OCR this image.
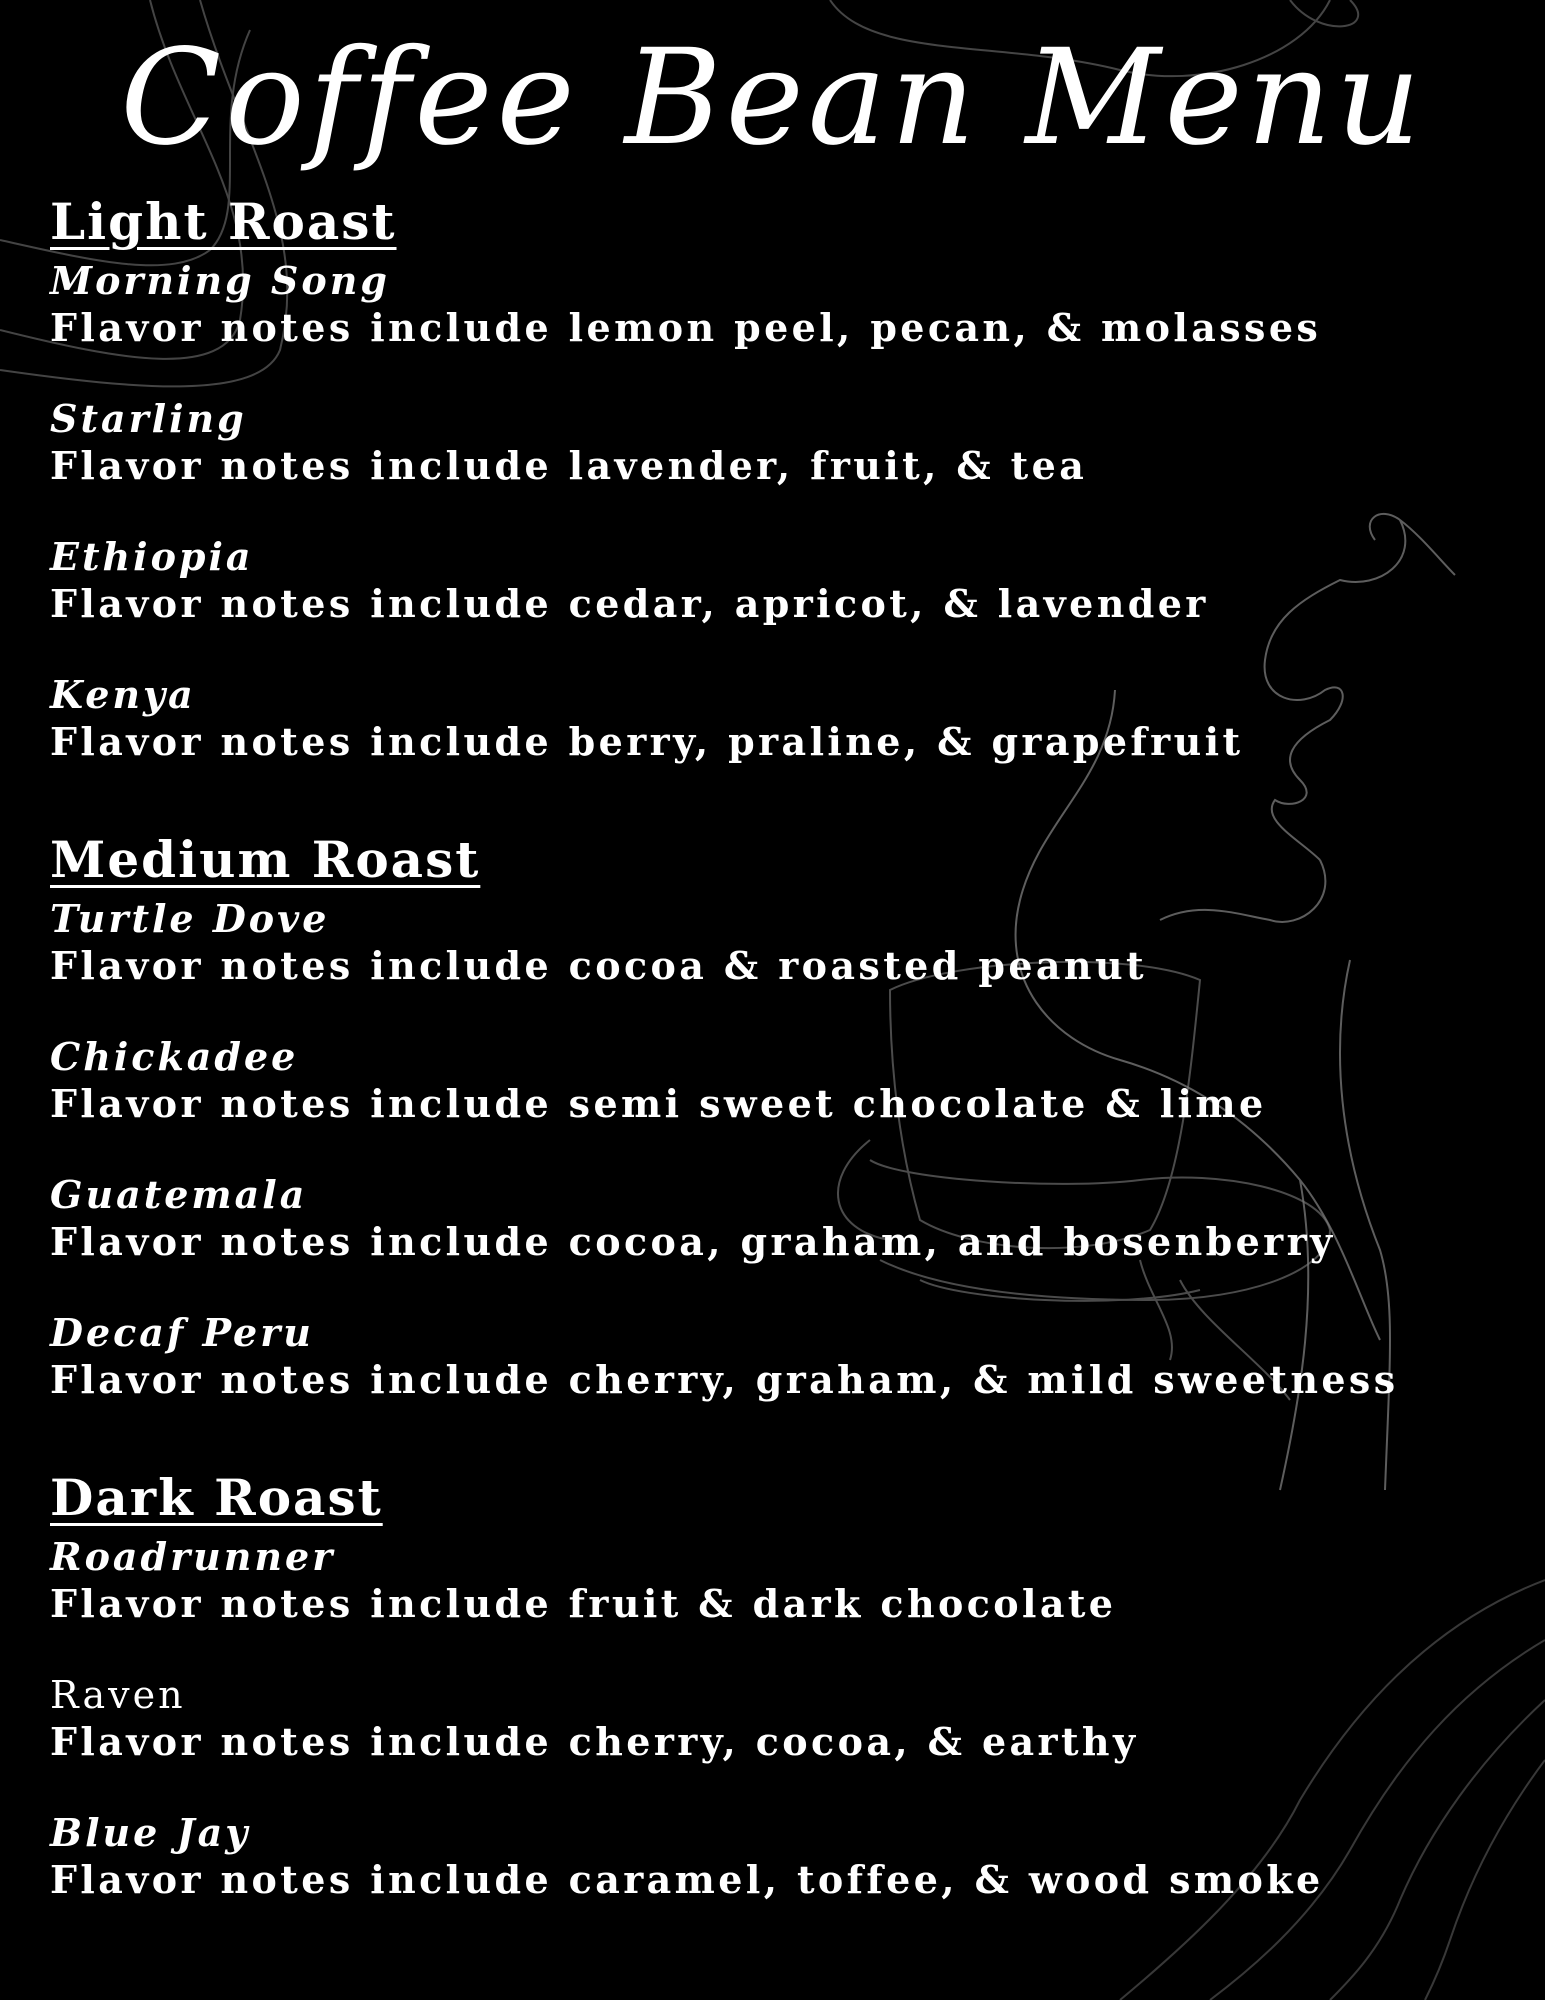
Coffee Bean Menu
Light Roast
Morning Song
Flavor notes include lemon peel, pecan, & molasses
Starling
Flavor notes include lavender, fruit, & tea
Ethiopia
Flavor notes include cedar, apricot, & lavender
Kenya
Flavor notes include berry, praline, & grapefruit
Medium Roast
Turtle Dove
Flavor notes include cocoa & roasted peanut
Chickadee
Flavor notes include semi sweet chocolate & lime
Guatemala
Flavor notes include cocoa, graham, and bosenberry
Decaf Peru
Flavor notes include cherry, graham, & mild sweetness
Dark Roast
Roadrunner
Flavor notes include fruit & dark chocolate
Raven
Flavor notes include cherry, cocoa, & earthy
Blue Jay
Flavor notes include caramel, toffee, & wood smoke
